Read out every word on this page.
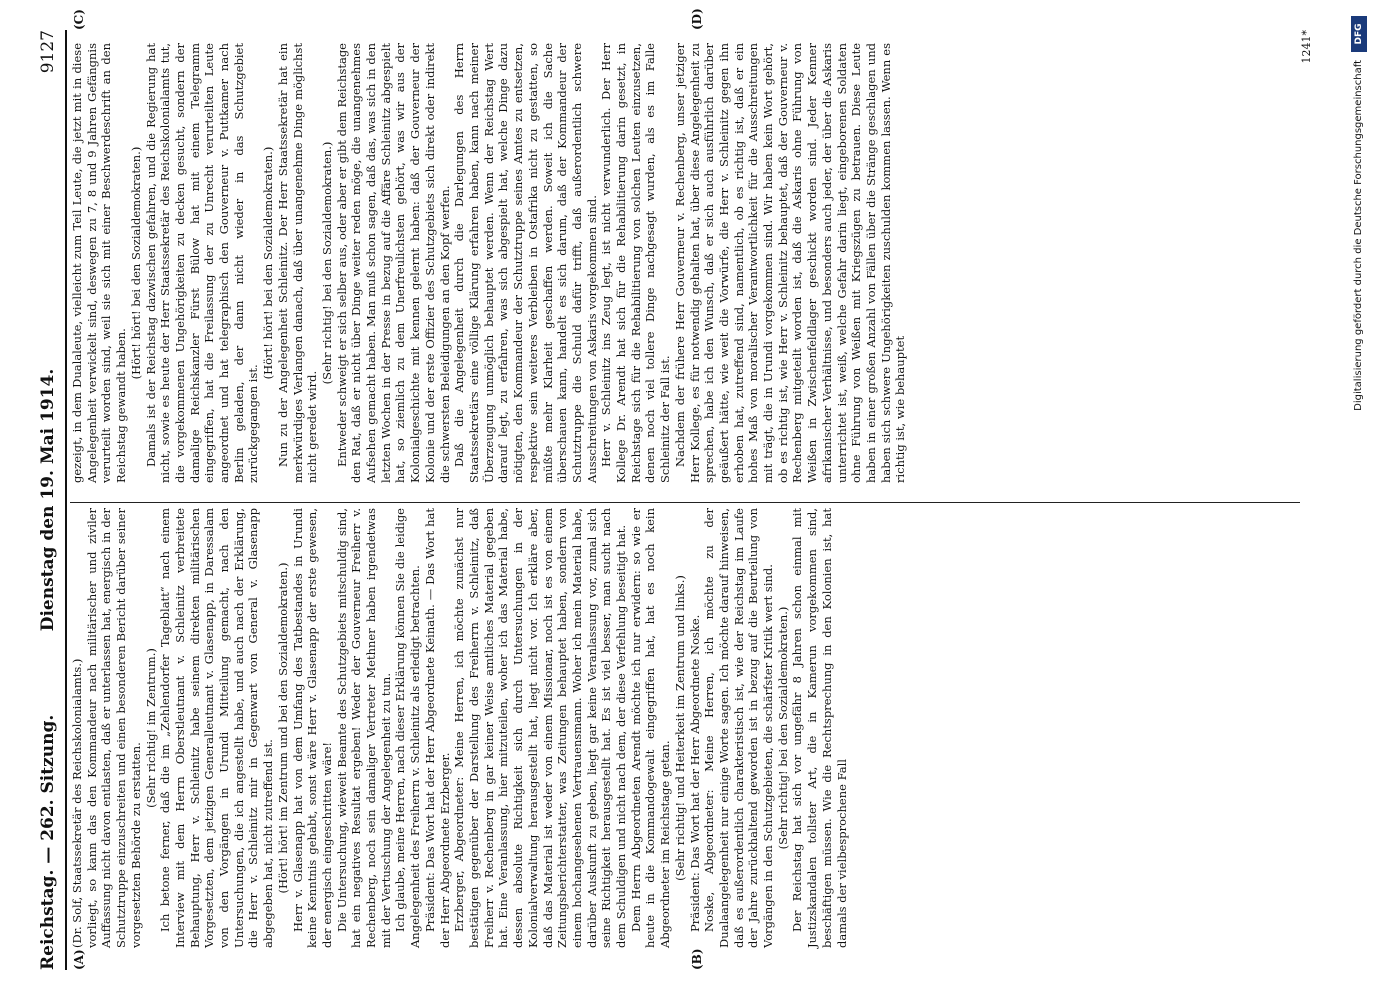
Reichstag. — 262. Sitzung.
Dienstag den 19. Mai 1914.
9127
(A)	(B)
(C)	(D)

(Dr. Solf, Staatssekretär des Reichskolonialamts.) vorliegt, so kann das den Kommandeur nach militärischer und ziviler Auffassung nicht davon entlasten, daß er unterlassen hat, energisch in der Schutztruppe einzuschreiten und einen besonderen Bericht darüber seiner vorgesetzten Behörde zu erstatten.

(Sehr richtig! im Zentrum.) Ich betone ferner, daß die im „Zehlendorfer Tageblatt“ nach einem Interview mit dem Herrn Oberstleutnant v. Schleinitz verbreitete Behauptung, Herr v. Schleinitz habe seinem direkten militärischen Vorgesetzten, dem jetzigen Generalleutnant v. Glasenapp, in Daressalam von den Vorgängen in Urundi Mitteilung gemacht, nach den Untersuchungen, die ich angestellt habe, und auch nach der Erklärung, die Herr v. Schleinitz mir in Gegenwart von General v. Glasenapp abgegeben hat, nicht zutreffend ist. (Hört! hört! im Zentrum und bei den Sozialdemokraten.) Herr v. Glasenapp hat von dem Umfang des Tatbestandes in Urundi keine Kenntnis gehabt, sonst wäre Herr v. Glasenapp der erste gewesen, der energisch eingeschritten wäre! Die Untersuchung, wieweit Beamte des Schutzgebiets mitschuldig sind, hat ein negatives Resultat ergeben! Weder der Gouverneur Freiherr v. Rechenberg, noch sein damaliger Vertreter Methner haben irgendetwas mit der Vertuschung der Angelegenheit zu tun. Ich glaube, meine Herren, nach dieser Erklärung können Sie die leidige Angelegenheit des Freiherrn v. Schleinitz als erledigt betrachten. Präsident: Das Wort hat der Herr Abgeordnete Keinath. — Das Wort hat der Herr Abgeordnete Erzberger. Erzberger, Abgeordneter: Meine Herren, ich möchte zunächst nur bestätigen gegenüber der Darstellung des Freiherrn v. Schleinitz, daß Freiherr v. Rechenberg in gar keiner Weise amtliches Material gegeben hat. Eine Veranlassung, hier mitzuteilen, woher ich das Material habe, dessen absolute Richtigkeit sich durch Untersuchungen in der Kolonialverwaltung herausgestellt hat, liegt nicht vor. Ich erkläre aber, daß das Material ist weder von einem Missionar, noch ist es von einem Zeitungsberichterstatter, was Zeitungen behauptet haben, sondern von einem hochangesehenen Vertrauensmann. Woher ich mein Material habe, darüber Auskunft zu geben, liegt gar keine Veranlassung vor, zumal sich seine Richtigkeit herausgestellt hat. Es ist viel besser, man sucht nach dem Schuldigen und nicht nach dem, der diese Verfehlung beseitigt hat. Dem Herrn Abgeordneten Arendt möchte ich nur erwidern: so wie er heute in die Kommandogewalt eingegriffen hat, hat es noch kein Abgeordneter im Reichstage getan. (Sehr richtig! und Heiterkeit im Zentrum und links.) Präsident: Das Wort hat der Herr Abgeordnete Noske. Noske, Abgeordneter: Meine Herren, ich möchte zu der Dualaangelegenheit nur einige Worte sagen. Ich möchte darauf hinweisen, daß es außerordentlich charakteristisch ist, wie der Reichstag im Laufe der Jahre zurückhaltend geworden ist in bezug auf die Beurteilung von Vorgängen in den Schutzgebieten, die schärfster Kritik wert sind. (Sehr richtig! bei den Sozialdemokraten.) Der Reichstag hat sich vor ungefähr 8 Jahren schon einmal mit Justizskandalen tollster Art, die in Kamerun vorgekommen sind, beschäftigen müssen. Wie die Rechtsprechung in den Kolonien ist, hat damals der vielbesprochene Fall

gezeigt, in dem Dualaleute, vielleicht zum Teil Leute, die jetzt mit in diese Angelegenheit verwickelt sind, deswegen zu 7, 8 und 9 Jahren Gefängnis verurteilt worden sind, weil sie sich mit einer Beschwerdeschrift an den Reichstag gewandt haben.

(Hört! hört! bei den Sozialdemokraten.) Damals ist der Reichstag dazwischen gefahren, und die Regierung hat nicht, sowie es heute der Herr Staatssekretär des Reichskolonialamts tut, die vorgekommenen Ungehörigkeiten zu decken gesucht, sondern der damalige Reichskanzler Fürst Bülow hat mit einem Telegramm eingegriffen, hat die Freilassung der zu Unrecht verurteilten Leute angeordnet und hat telegraphisch den Gouverneur v. Puttkamer nach Berlin geladen, der dann nicht wieder in das Schutzgebiet zurückgegangen ist.

(Hört! hört! bei den Sozialdemokraten.) Nun zu der Angelegenheit Schleinitz. Der Herr Staatssekretär hat ein merkwürdiges Verlangen danach, daß über unangenehme Dinge möglichst nicht geredet wird.

(Sehr richtig! bei den Sozialdemokraten.) Entweder schweigt er sich selber aus, oder aber er gibt dem Reichstage den Rat, daß er nicht über Dinge weiter reden möge, die unangenehmes Aufsehen gemacht haben. Man muß schon sagen, daß das, was sich in den letzten Wochen in der Presse in bezug auf die Affäre Schleinitz abgespielt hat, so ziemlich zu dem Unerfreulichsten gehört, was wir aus der Kolonialgeschichte mit kennen gelernt haben: daß der Gouverneur der Kolonie und der erste Offizier des Schutzgebiets sich direkt oder indirekt die schwersten Beleidigungen an den Kopf werfen. Daß die Angelegenheit durch die Darlegungen des Herrn Staatssekretärs eine völlige Klärung erfahren haben, kann nach meiner Überzeugung unmöglich behauptet werden. Wenn der Reichstag Wert darauf legt, zu erfahren, was sich abgespielt hat, welche Dinge dazu nötigten, den Kommandeur der Schutztruppe seines Amtes zu entsetzen, respektive sein weiteres Verbleiben in Ostafrika nicht zu gestatten, so müßte mehr Klarheit geschaffen werden. Soweit ich die Sache überschauen kann, handelt es sich darum, daß der Kommandeur der Schutztruppe die Schuld dafür trifft, daß außerordentlich schwere Ausschreitungen von Askaris vorgekommen sind. Herr v. Schleinitz ins Zeug legt, ist nicht verwunderlich. Der Herr Kollege Dr. Arendt hat sich für die Rehabilitierung darin gesetzt, in Reichstage sich für die Rehabilitierung von solchen Leuten einzusetzen, denen noch viel tollere Dinge nachgesagt wurden, als es im Falle Schleinitz der Fall ist. Nachdem der frühere Herr Gouverneur v. Rechenberg, unser jetziger Herr Kollege, es für notwendig gehalten hat, über diese Angelegenheit zu sprechen, habe ich den Wunsch, daß er sich auch ausführlich darüber geäußert hätte, wie weit die Vorwürfe, die Herr v. Schleinitz gegen ihn erhoben hat, zutreffend sind, namentlich, ob es richtig ist, daß er ein hohes Maß von moralischer Verantwortlichkeit für die Ausschreitungen mit trägt, die in Urundi vorgekommen sind. Wir haben kein Wort gehört, ob es richtig ist, wie Herr v. Schleinitz behauptet, daß der Gouverneur v. Rechenberg mitgeteilt worden ist, daß die Askaris ohne Führung von Weißen in Zwischenfeldlager geschickt worden sind. Jeder Kenner afrikanischer Verhältnisse, und besonders auch jeder, der über die Askaris unterrichtet ist, weiß, welche Gefahr darin liegt, eingeborenen Soldaten ohne Führung von Weißen mit Kriegszügen zu betrauen. Diese Leute haben in einer großen Anzahl von Fällen über die Stränge geschlagen und haben sich schwere Ungehörigkeiten zuschulden kommen lassen. Wenn es richtig ist, wie behauptet

1241*
Digitalisierung gefördert durch die Deutsche Forschungsgemeinschaft
DFG
